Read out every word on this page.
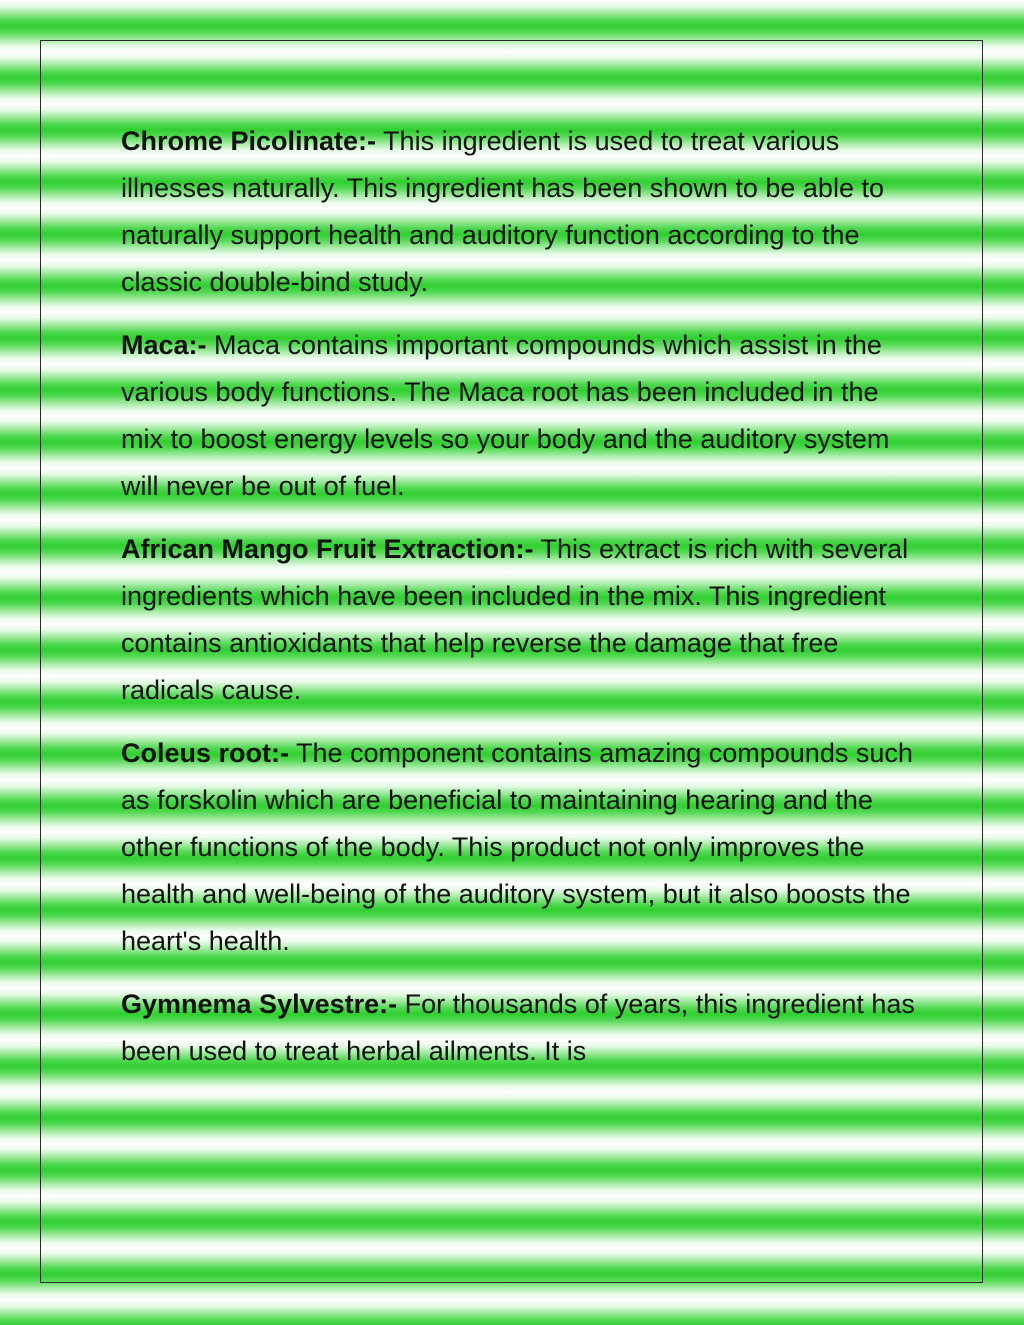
Chrome Picolinate:- This ingredient is used to treat various illnesses naturally. This ingredient has been shown to be able to naturally support health and auditory function according to the classic double-bind study.

Maca:- Maca contains important compounds which assist in the various body functions. The Maca root has been included in the mix to boost energy levels so your body and the auditory system will never be out of fuel.

African Mango Fruit Extraction:- This extract is rich with several ingredients which have been included in the mix. This ingredient contains antioxidants that help reverse the damage that free radicals cause.

Coleus root:- The component contains amazing compounds such as forskolin which are beneficial to maintaining hearing and the other functions of the body. This product not only improves the health and well-being of the auditory system, but it also boosts the heart's health.

Gymnema Sylvestre:- For thousands of years, this ingredient has been used to treat herbal ailments. It is
